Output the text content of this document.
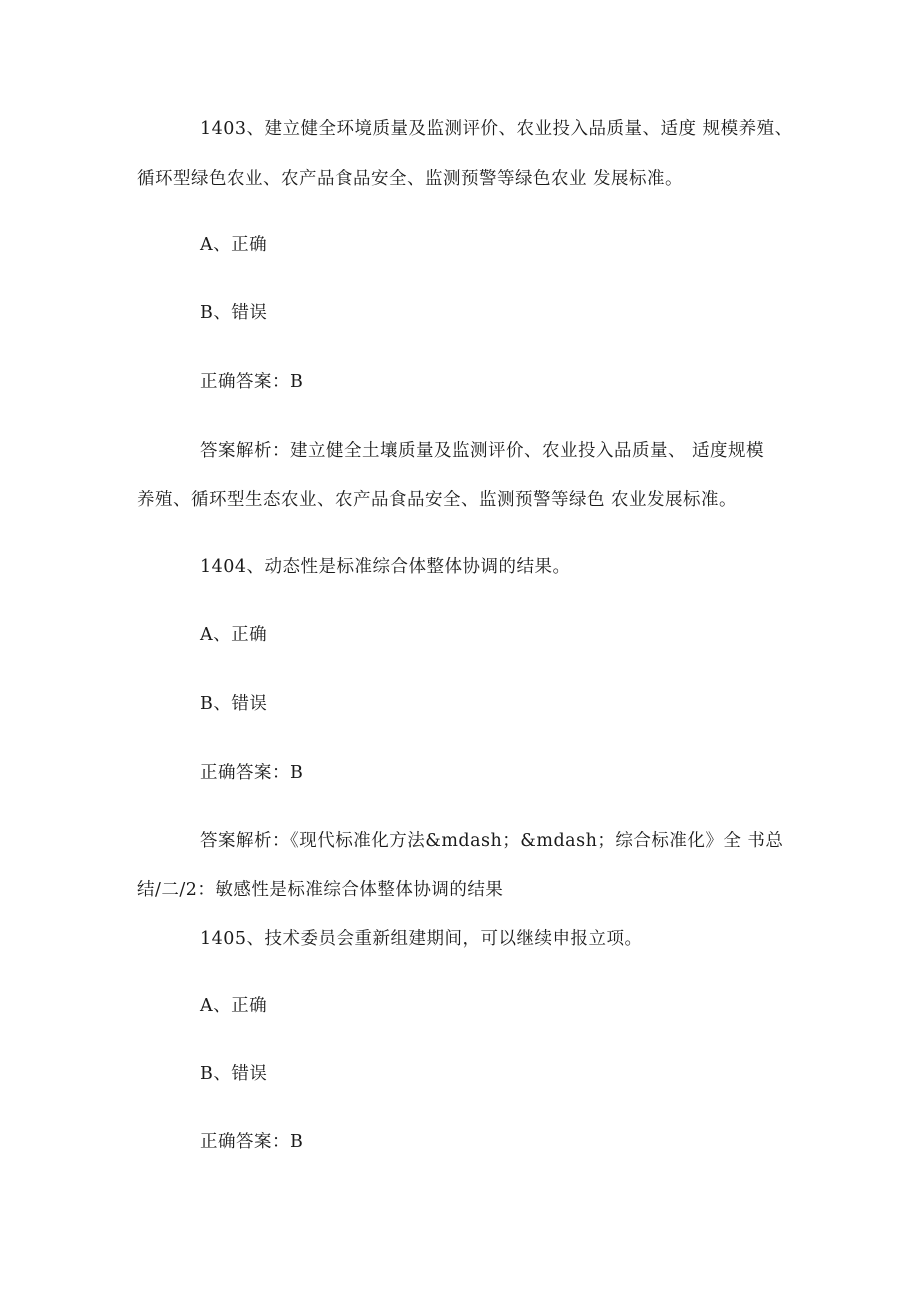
1403、建立健全环境质量及监测评价、农业投入品质量、适度 规模养殖、
循环型绿色农业、农产品食品安全、监测预警等绿色农业 发展标准。
A、正确
B、错误
正确答案：B
答案解析：建立健全土壤质量及监测评价、农业投入品质量、 适度规模
养殖、循环型生态农业、农产品食品安全、监测预警等绿色 农业发展标准。
1404、动态性是标准综合体整体协调的结果。
A、正确
B、错误
正确答案：B
答案解析：《现代标准化方法&mdash；&mdash；综合标准化》全 书总
结/二/2：敏感性是标准综合体整体协调的结果
1405、技术委员会重新组建期间，可以继续申报立项。
A、正确
B、错误
正确答案：B
